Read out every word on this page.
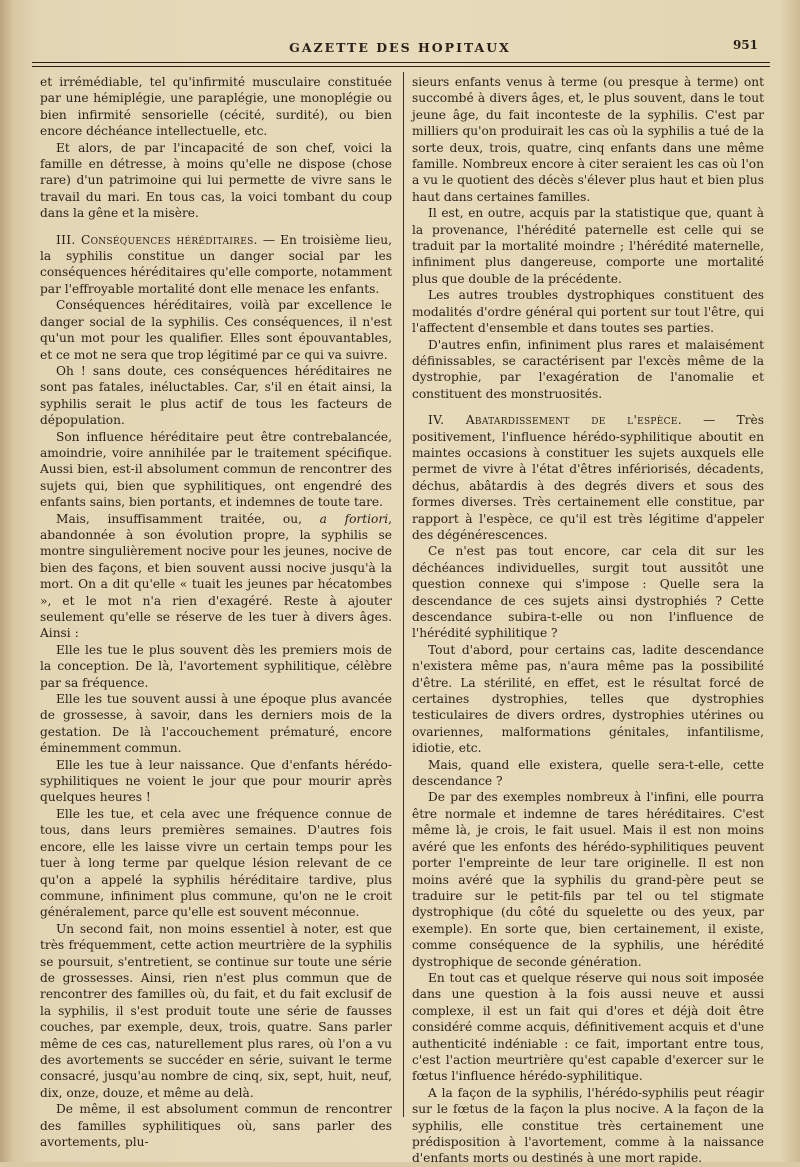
GAZETTE DES HOPITAUX	951

et irrémédiable, tel qu'infirmité musculaire constituée par une hémiplégie, une paraplégie, une monoplégie ou bien infirmité sensorielle (cécité, surdité), ou bien encore déchéance intellectuelle, etc.

Et alors, de par l'incapacité de son chef, voici la famille en détresse, à moins qu'elle ne dispose (chose rare) d'un patrimoine qui lui permette de vivre sans le travail du mari. En tous cas, la voici tombant du coup dans la gêne et la misère.

III. Conséquences héréditaires. — En troisième lieu, la syphilis constitue un danger social par les conséquences héréditaires qu'elle comporte, notamment par l'effroyable mortalité dont elle menace les enfants.

Conséquences héréditaires, voilà par excellence le danger social de la syphilis. Ces conséquences, il n'est qu'un mot pour les qualifier. Elles sont épouvantables, et ce mot ne sera que trop légitimé par ce qui va suivre.

Oh ! sans doute, ces conséquences héréditaires ne sont pas fatales, inéluctables. Car, s'il en était ainsi, la syphilis serait le plus actif de tous les facteurs de dépopulation.

Son influence héréditaire peut être contrebalancée, amoindrie, voire annihilée par le traitement spécifique. Aussi bien, est-il absolument commun de rencontrer des sujets qui, bien que syphilitiques, ont engendré des enfants sains, bien portants, et indemnes de toute tare.

Mais, insuffisamment traitée, ou, a fortiori, abandonnée à son évolution propre, la syphilis se montre singulièrement nocive pour les jeunes, nocive de bien des façons, et bien souvent aussi nocive jusqu'à la mort. On a dit qu'elle « tuait les jeunes par hécatombes », et le mot n'a rien d'exagéré. Reste à ajouter seulement qu'elle se réserve de les tuer à divers âges. Ainsi :

Elle les tue le plus souvent dès les premiers mois de la conception. De là, l'avortement syphilitique, célèbre par sa fréquence.

Elle les tue souvent aussi à une époque plus avancée de grossesse, à savoir, dans les derniers mois de la gestation. De là l'accouchement prématuré, encore éminemment commun.

Elle les tue à leur naissance. Que d'enfants hérédo-syphilitiques ne voient le jour que pour mourir après quelques heures !

Elle les tue, et cela avec une fréquence connue de tous, dans leurs premières semaines. D'autres fois encore, elle les laisse vivre un certain temps pour les tuer à long terme par quelque lésion relevant de ce qu'on a appelé la syphilis héréditaire tardive, plus commune, infiniment plus commune, qu'on ne le croit généralement, parce qu'elle est souvent méconnue.

Un second fait, non moins essentiel à noter, est que très fréquemment, cette action meurtrière de la syphilis se poursuit, s'entretient, se continue sur toute une série de grossesses. Ainsi, rien n'est plus commun que de rencontrer des familles où, du fait, et du fait exclusif de la syphilis, il s'est produit toute une série de fausses couches, par exemple, deux, trois, quatre. Sans parler même de ces cas, naturellement plus rares, où l'on a vu des avortements se succéder en série, suivant le terme consacré, jusqu'au nombre de cinq, six, sept, huit, neuf, dix, onze, douze, et même au delà.

De même, il est absolument commun de rencontrer des familles syphilitiques où, sans parler des avortements, plu-

sieurs enfants venus à terme (ou presque à terme) ont succombé à divers âges, et, le plus souvent, dans le tout jeune âge, du fait inconteste de la syphilis. C'est par milliers qu'on produirait les cas où la syphilis a tué de la sorte deux, trois, quatre, cinq enfants dans une même famille. Nombreux encore à citer seraient les cas où l'on a vu le quotient des décès s'élever plus haut et bien plus haut dans certaines familles.

Il est, en outre, acquis par la statistique que, quant à la provenance, l'hérédité paternelle est celle qui se traduit par la mortalité moindre ; l'hérédité maternelle, infiniment plus dangereuse, comporte une mortalité plus que double de la précédente.

Les autres troubles dystrophiques constituent des modalités d'ordre général qui portent sur tout l'être, qui l'affectent d'ensemble et dans toutes ses parties.

D'autres enfin, infiniment plus rares et malaisément définissables, se caractérisent par l'excès même de la dystrophie, par l'exagération de l'anomalie et constituent des monstruosités.

IV. Abatardissement de l'espèce. — Très positivement, l'influence hérédo-syphilitique aboutit en maintes occasions à constituer les sujets auxquels elle permet de vivre à l'état d'êtres infériorisés, décadents, déchus, abâtardis à des degrés divers et sous des formes diverses. Très certainement elle constitue, par rapport à l'espèce, ce qu'il est très légitime d'appeler des dégénérescences.

Ce n'est pas tout encore, car cela dit sur les déchéances individuelles, surgit tout aussitôt une question connexe qui s'impose : Quelle sera la descendance de ces sujets ainsi dystrophiés ? Cette descendance subira-t-elle ou non l'influence de l'hérédité syphilitique ?

Tout d'abord, pour certains cas, ladite descendance n'existera même pas, n'aura même pas la possibilité d'être. La stérilité, en effet, est le résultat forcé de certaines dystrophies, telles que dystrophies testiculaires de divers ordres, dystrophies utérines ou ovariennes, malformations génitales, infantilisme, idiotie, etc.

Mais, quand elle existera, quelle sera-t-elle, cette descendance ?

De par des exemples nombreux à l'infini, elle pourra être normale et indemne de tares héréditaires. C'est même là, je crois, le fait usuel. Mais il est non moins avéré que les enfonts des hérédo-syphilitiques peuvent porter l'empreinte de leur tare originelle. Il est non moins avéré que la syphilis du grand-père peut se traduire sur le petit-fils par tel ou tel stigmate dystrophique (du côté du squelette ou des yeux, par exemple). En sorte que, bien certainement, il existe, comme conséquence de la syphilis, une hérédité dystrophique de seconde génération.

En tout cas et quelque réserve qui nous soit imposée dans une question à la fois aussi neuve et aussi complexe, il est un fait qui d'ores et déjà doit être considéré comme acquis, définitivement acquis et d'une authenticité indéniable : ce fait, important entre tous, c'est l'action meurtrière qu'est capable d'exercer sur le fœtus l'influence hérédo-syphilitique.

A la façon de la syphilis, l'hérédo-syphilis peut réagir sur le fœtus de la façon la plus nocive. A la façon de la syphilis, elle constitue très certainement une prédisposition à l'avortement, comme à la naissance d'enfants morts ou destinés à une mort rapide.
